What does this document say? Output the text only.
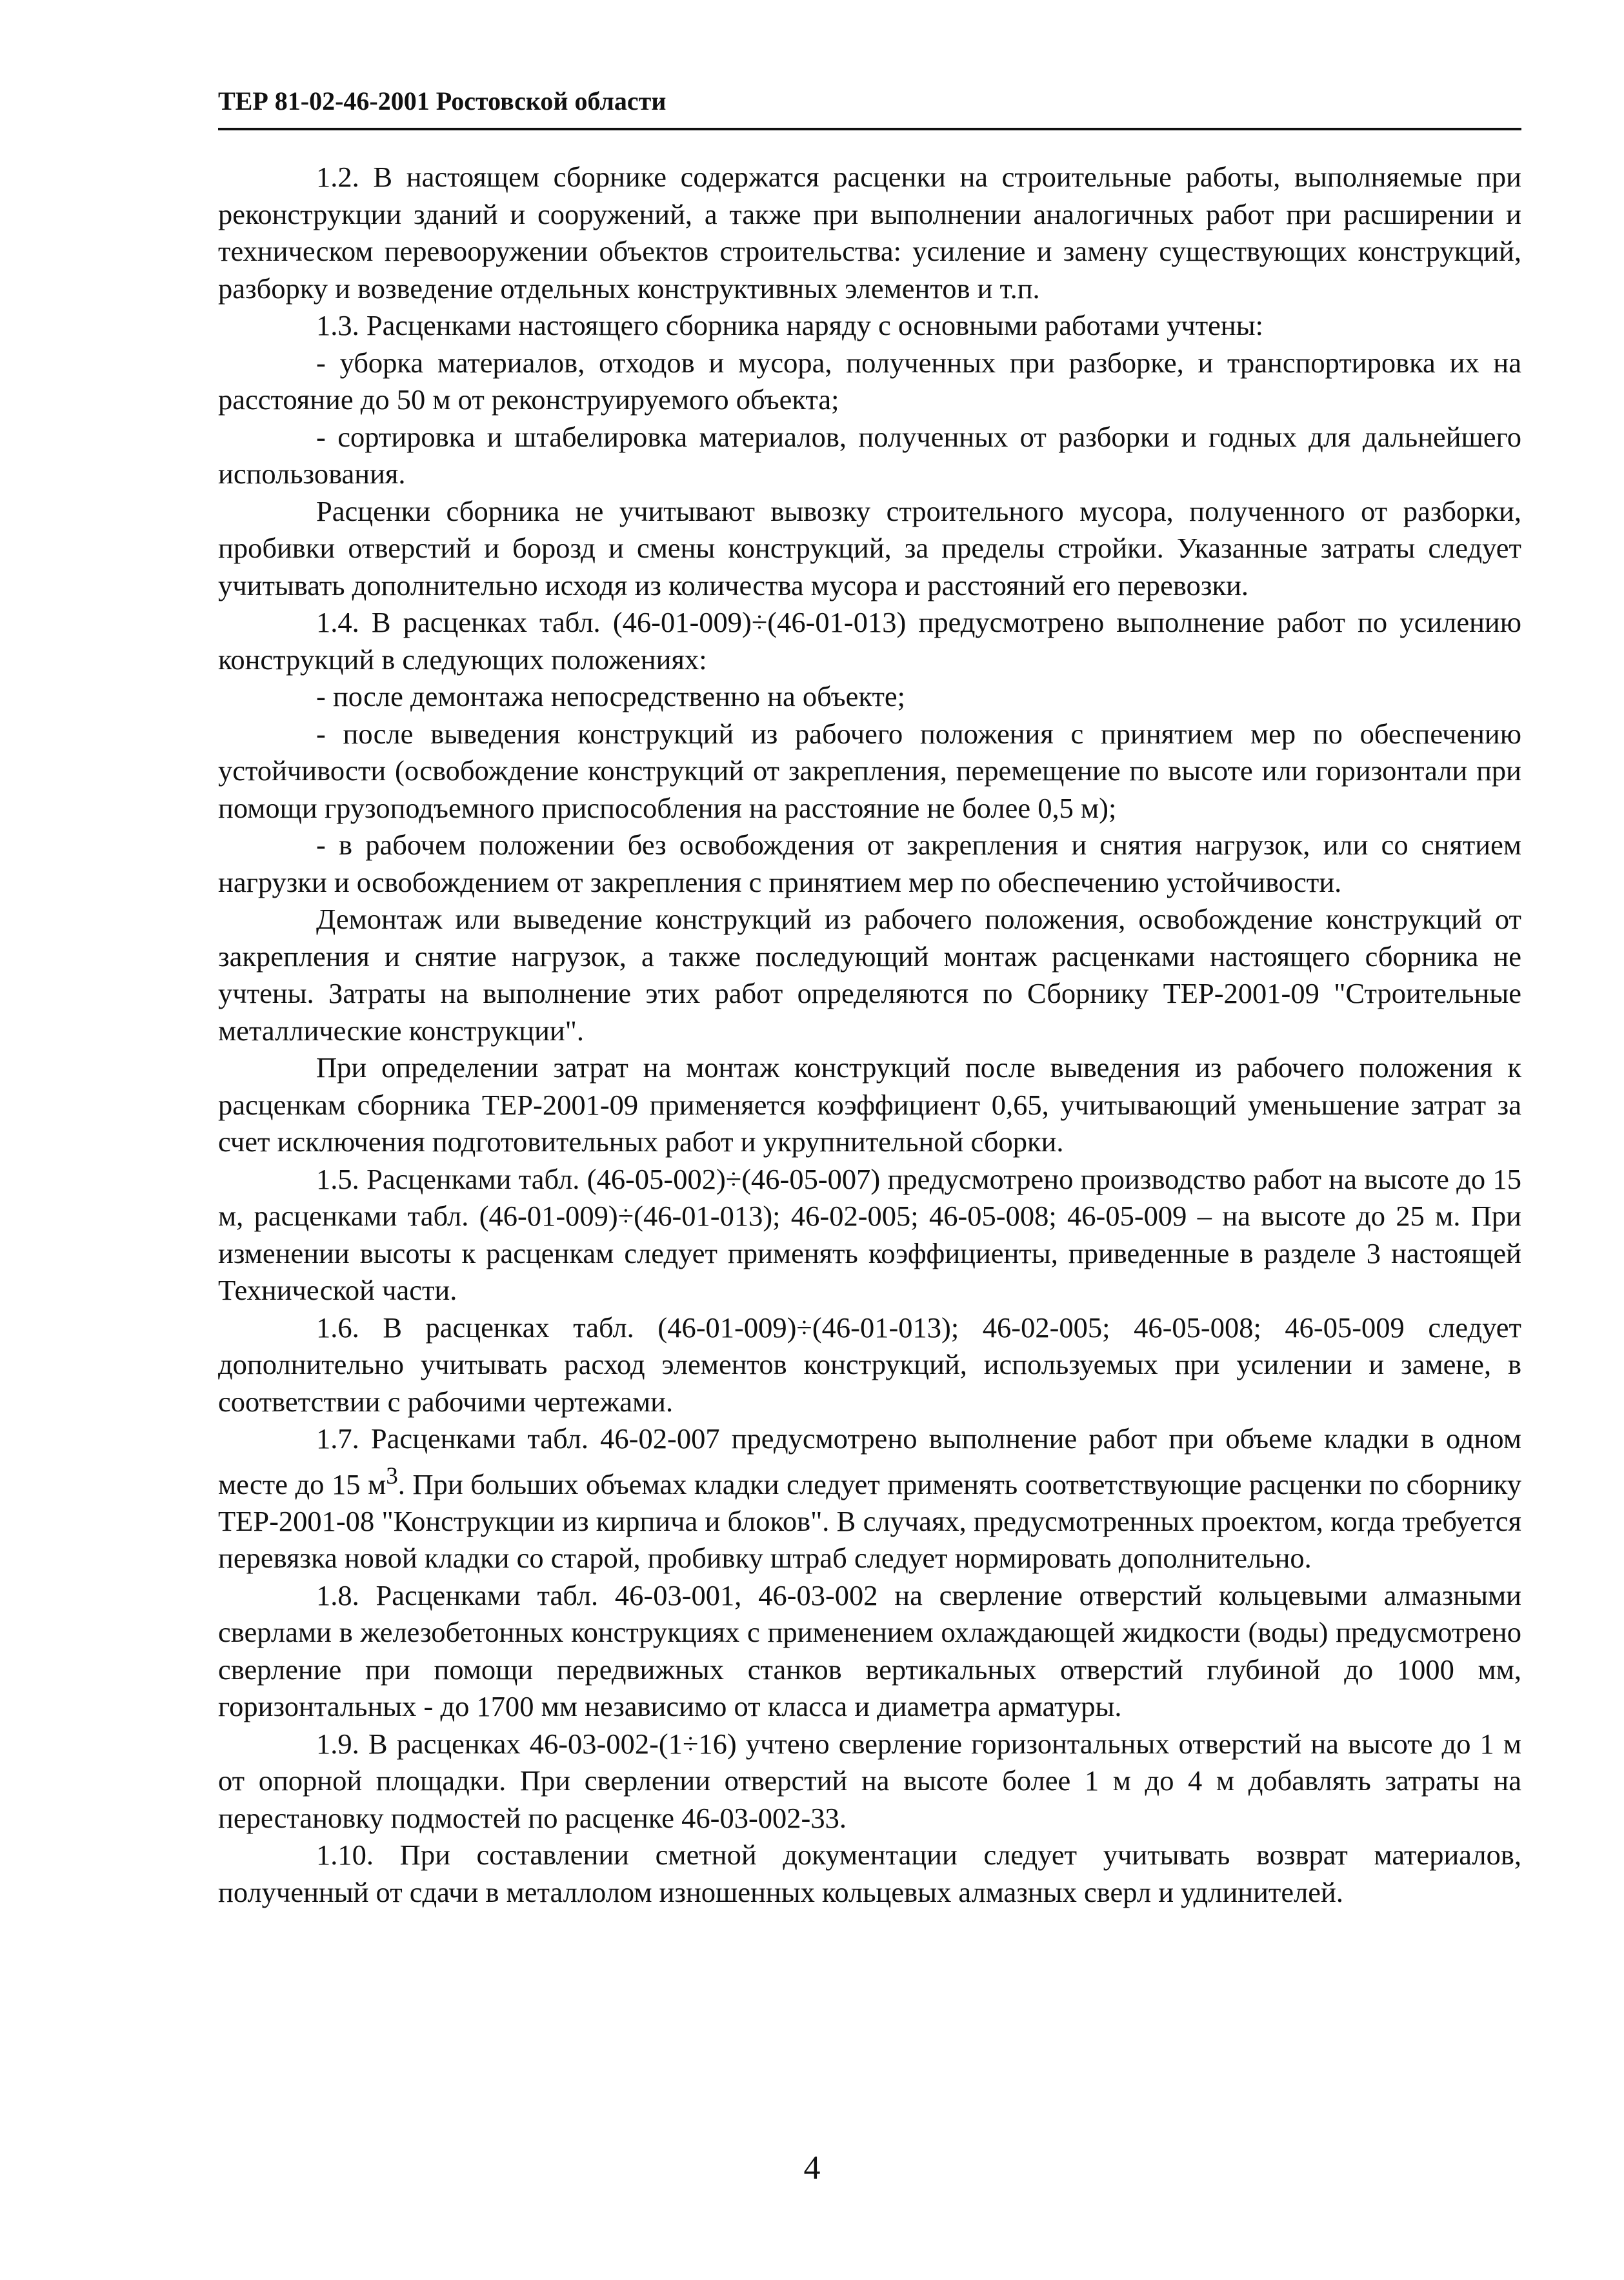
ТЕР 81-02-46-2001 Ростовской области

1.2. В настоящем сборнике содержатся расценки на строительные работы, выполняемые при реконструкции зданий и сооружений, а также при выполнении аналогичных работ при расширении и техническом перевооружении объектов строительства: усиление и замену существующих конструкций, разборку и возведение отдельных конструктивных элементов и т.п.

1.3. Расценками настоящего сборника наряду с основными работами учтены:

- уборка материалов, отходов и мусора, полученных при разборке, и транспортировка их на расстояние до 50 м от реконструируемого объекта;

- сортировка и штабелировка материалов, полученных от разборки и годных для дальнейшего использования.

Расценки сборника не учитывают вывозку строительного мусора, полученного от разборки, пробивки отверстий и борозд и смены конструкций, за пределы стройки. Указанные затраты следует учитывать дополнительно исходя из количества мусора и расстояний его перевозки.

1.4. В расценках табл. (46-01-009)÷(46-01-013) предусмотрено выполнение работ по усилению конструкций в следующих положениях:

- после демонтажа непосредственно на объекте;

- после выведения конструкций из рабочего положения с принятием мер по обеспечению устойчивости (освобождение конструкций от закрепления, перемещение по высоте или горизонтали при помощи грузоподъемного приспособления на расстояние не более 0,5 м);

- в рабочем положении без освобождения от закрепления и снятия нагрузок, или со снятием нагрузки и освобождением от закрепления с принятием мер по обеспечению устойчивости.

Демонтаж или выведение конструкций из рабочего положения, освобождение конструкций от закрепления и снятие нагрузок, а также последующий монтаж расценками настоящего сборника не учтены. Затраты на выполнение этих работ определяются по Сборнику ТЕР-2001-09 "Строительные металлические конструкции".

При определении затрат на монтаж конструкций после выведения из рабочего положения к расценкам сборника ТЕР-2001-09 применяется коэффициент 0,65, учитывающий уменьшение затрат за счет исключения подготовительных работ и укрупнительной сборки.

1.5. Расценками табл. (46-05-002)÷(46-05-007) предусмотрено производство работ на высоте до 15 м, расценками табл. (46-01-009)÷(46-01-013); 46-02-005; 46-05-008; 46-05-009 – на высоте до 25 м. При изменении высоты к расценкам следует применять коэффициенты, приведенные в разделе 3 настоящей Технической части.

1.6. В расценках табл. (46-01-009)÷(46-01-013); 46-02-005; 46-05-008; 46-05-009 следует дополнительно учитывать расход элементов конструкций, используемых при усилении и замене, в соответствии с рабочими чертежами.

1.7. Расценками табл. 46-02-007 предусмотрено выполнение работ при объеме кладки в одном месте до 15 $м^3$. При больших объемах кладки следует применять соответствующие расценки по сборнику ТЕР-2001-08 "Конструкции из кирпича и блоков". В случаях, предусмотренных проектом, когда требуется перевязка новой кладки со старой, пробивку штраб следует нормировать дополнительно.

1.8. Расценками табл. 46-03-001, 46-03-002 на сверление отверстий кольцевыми алмазными сверлами в железобетонных конструкциях с применением охлаждающей жидкости (воды) предусмотрено сверление при помощи передвижных станков вертикальных отверстий глубиной до 1000 мм, горизонтальных - до 1700 мм независимо от класса и диаметра арматуры.

1.9. В расценках 46-03-002-(1÷16) учтено сверление горизонтальных отверстий на высоте до 1 м от опорной площадки. При сверлении отверстий на высоте более 1 м до 4 м добавлять затраты на перестановку подмостей по расценке 46-03-002-33.

1.10. При составлении сметной документации следует учитывать возврат материалов, полученный от сдачи в металлолом изношенных кольцевых алмазных сверл и удлинителей.

4
